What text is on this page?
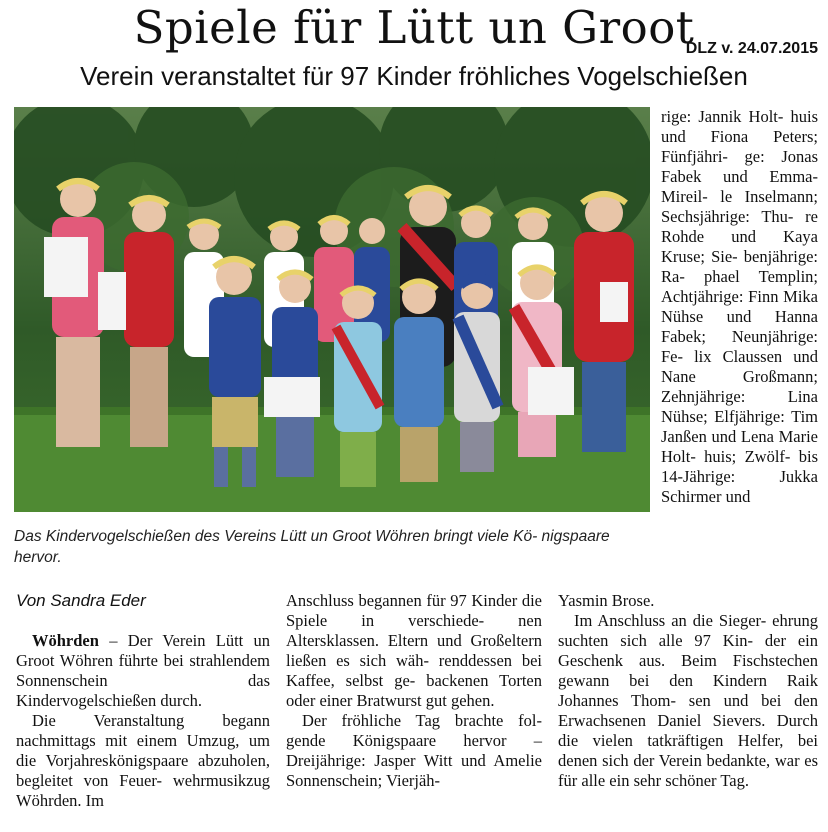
Spiele für Lütt un Groot
DLZ v. 24.07.2015
Verein veranstaltet für 97 Kinder fröhliches Vogelschießen
Das Kindervogelschießen des Vereins Lütt un Groot Wöhren bringt viele Kö- nigspaare hervor.

rige: Jannik Holt- huis und Fiona Peters; Fünfjähri- ge: Jonas Fabek und Emma-Mireil- le Inselmann; Sechsjährige: Thu- re Rohde und Kaya Kruse; Sie- benjährige: Ra- phael Templin; Achtjährige: Finn Mika Nühse und Hanna Fabek; Neunjährige: Fe- lix Claussen und Nane Großmann; Zehnjährige: Lina Nühse; Elfjährige: Tim Janßen und Lena Marie Holt- huis; Zwölf- bis 14-Jährige: Jukka Schirmer und

Von Sandra Eder

Wöhrden – Der Verein Lütt un Groot Wöhren führte bei strahlendem Sonnenschein das Kindervogelschießen durch.

Die Veranstaltung begann nachmittags mit einem Umzug, um die Vorjahreskönigspaare abzuholen, begleitet von Feuer- wehrmusikzug Wöhrden. Im

Anschluss begannen für 97 Kinder die Spiele in verschiede- nen Altersklassen. Eltern und Großeltern ließen es sich wäh- renddessen bei Kaffee, selbst ge- backenen Torten oder einer Bratwurst gut gehen.

Der fröhliche Tag brachte fol- gende Königspaare hervor – Dreijährige: Jasper Witt und Amelie Sonnenschein; Vierjäh-

Yasmin Brose.

Im Anschluss an die Sieger- ehrung suchten sich alle 97 Kin- der ein Geschenk aus. Beim Fischstechen gewann bei den Kindern Raik Johannes Thom- sen und bei den Erwachsenen Daniel Sievers. Durch die vielen tatkräftigen Helfer, bei denen sich der Verein bedankte, war es für alle ein sehr schöner Tag.
